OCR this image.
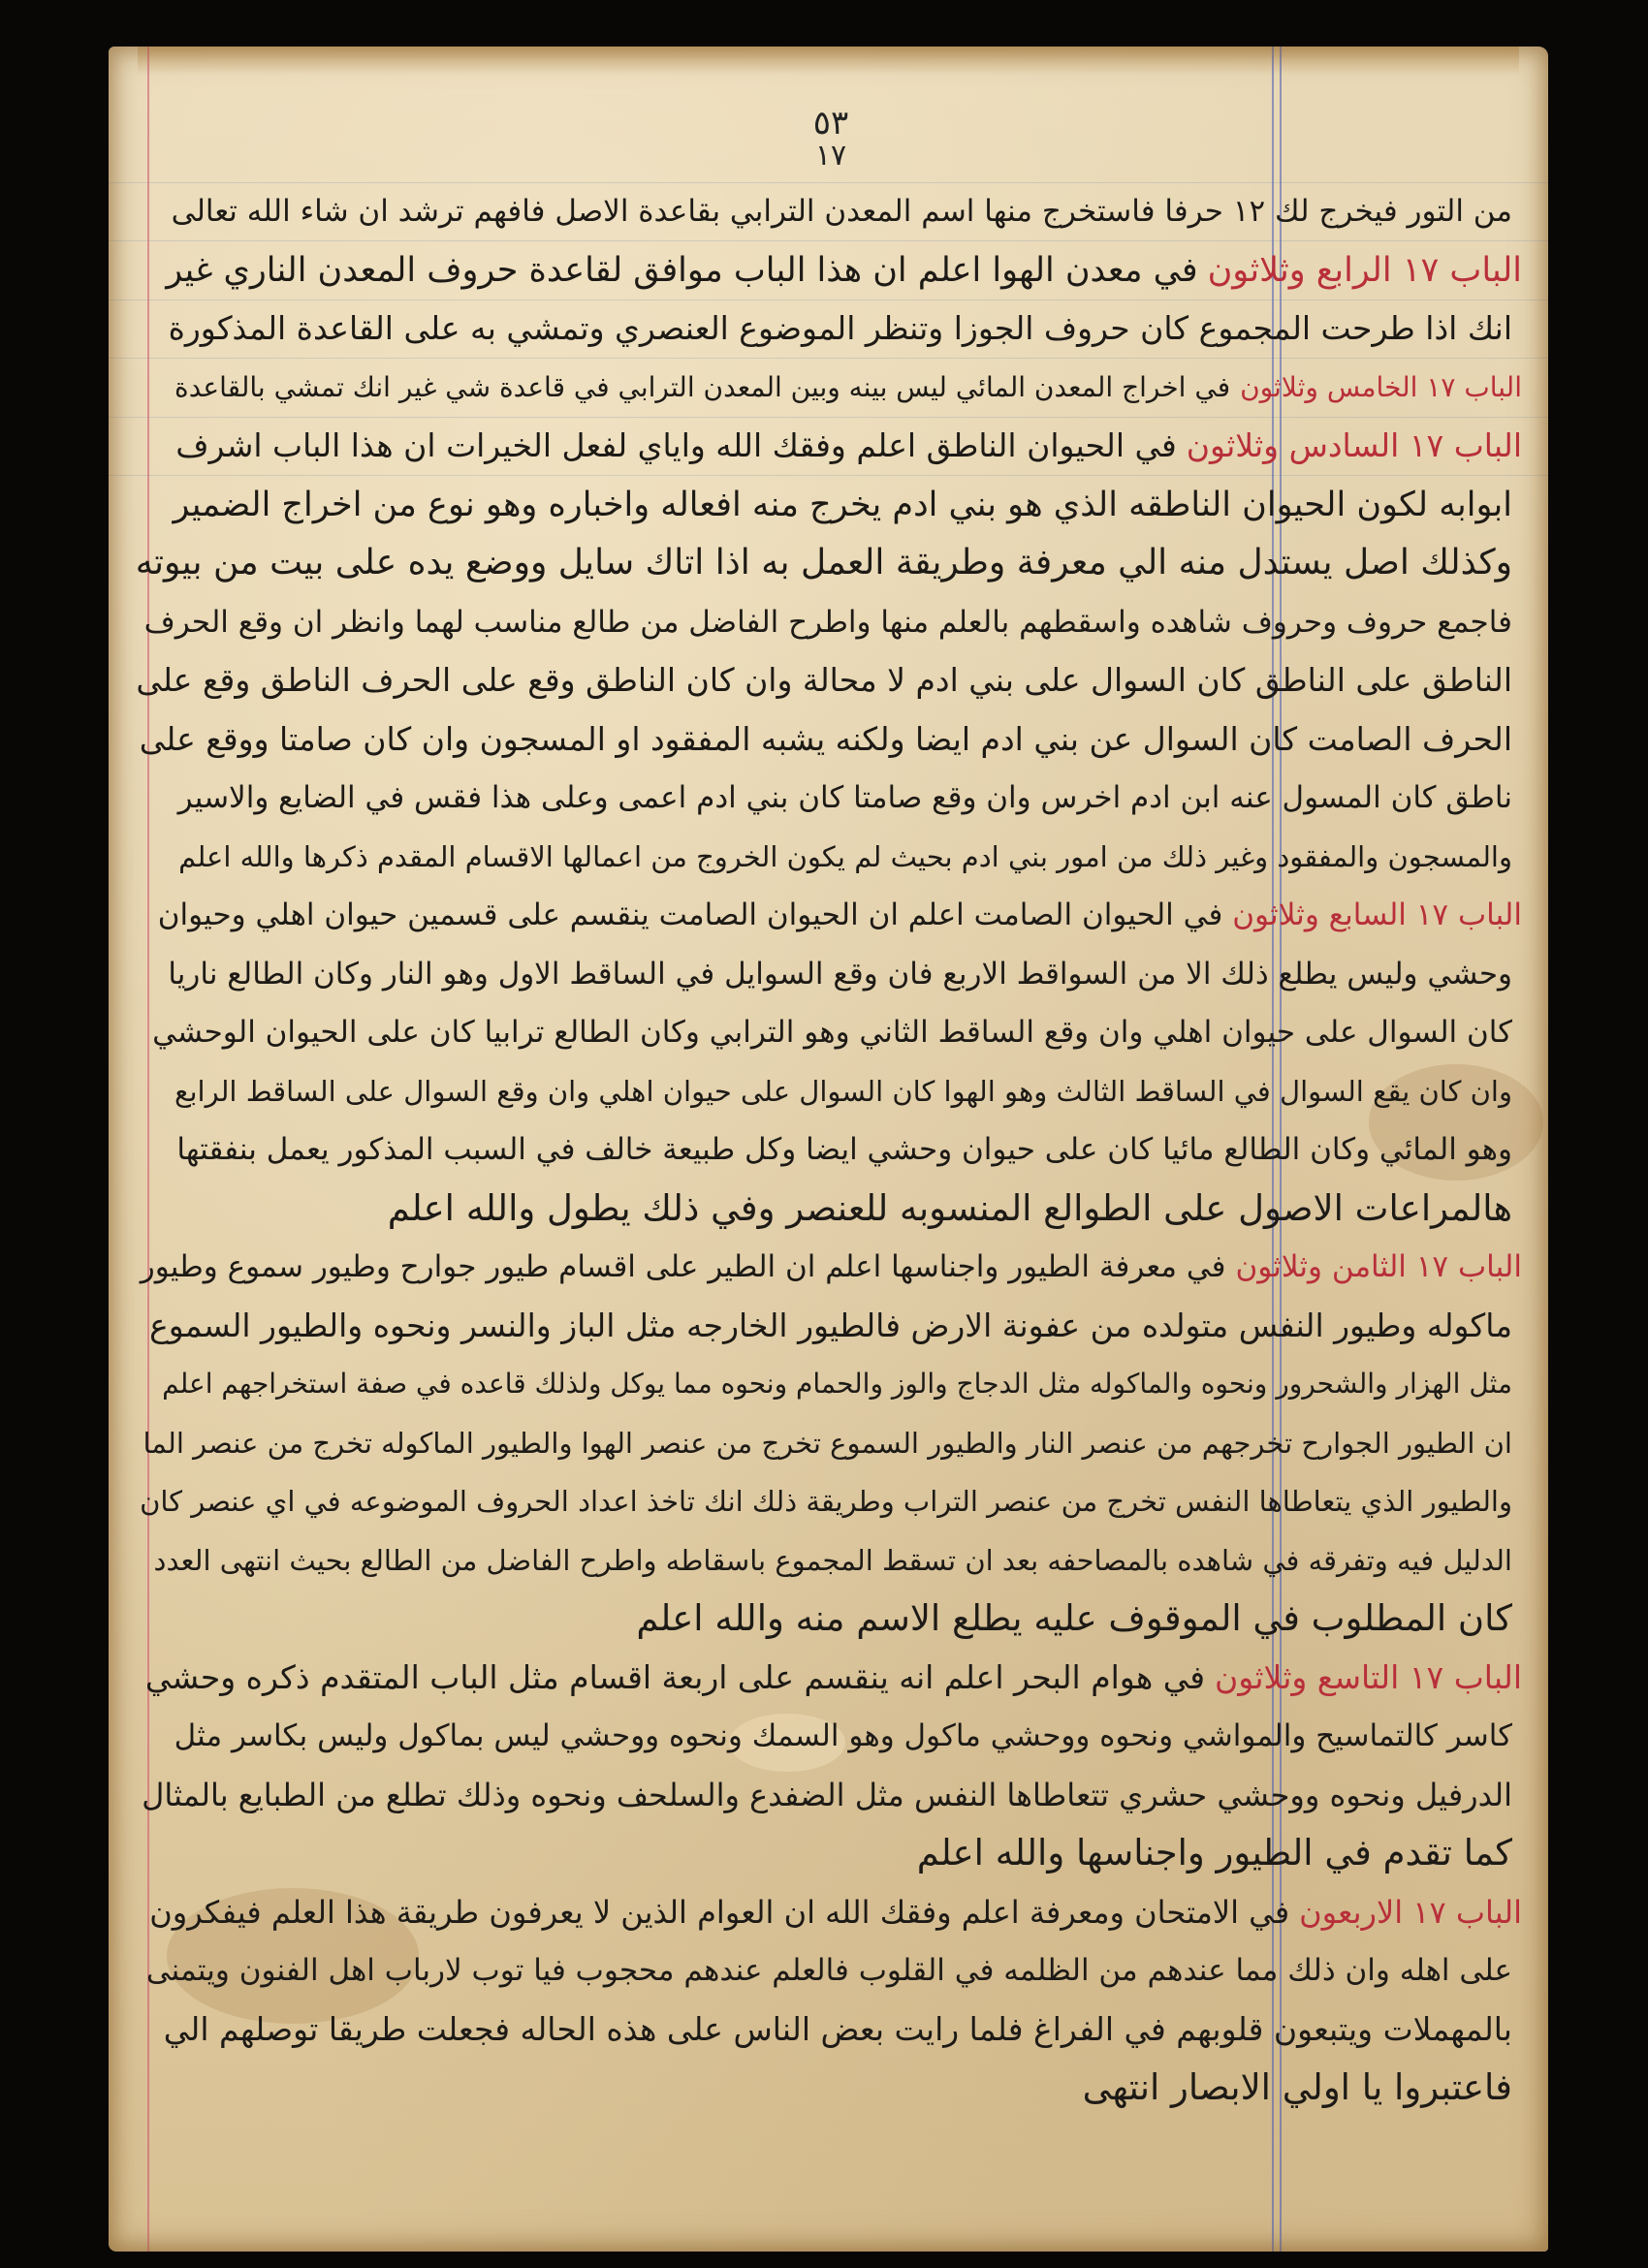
٥٣
١٧
من التور فيخرج لك ١٢ حرفا فاستخرج منها اسم المعدن الترابي بقاعدة الاصل فافهم ترشد ان شاء الله تعالى
الباب ١٧ الرابع وثلاثون
في معدن الهوا اعلم ان هذا الباب موافق لقاعدة حروف المعدن الناري غير
انك اذا طرحت المجموع كان حروف الجوزا وتنظر الموضوع العنصري وتمشي به على القاعدة المذكورة
الباب ١٧ الخامس وثلاثون
في اخراج المعدن المائي ليس بينه وبين المعدن الترابي في قاعدة شي غير انك تمشي بالقاعدة
الباب ١٧ السادس وثلاثون
في الحيوان الناطق اعلم وفقك الله واياي لفعل الخيرات ان هذا الباب اشرف
ابوابه لكون الحيوان الناطقه الذي هو بني ادم يخرج منه افعاله واخباره وهو نوع من اخراج الضمير
وكذلك اصل يستدل منه الي معرفة وطريقة العمل به اذا اتاك سايل ووضع يده على بيت من بيوته
فاجمع حروف وحروف شاهده واسقطهم بالعلم منها واطرح الفاضل من طالع مناسب لهما وانظر ان وقع الحرف
الناطق على الناطق كان السوال على بني ادم لا محالة وان كان الناطق وقع على الحرف الناطق وقع على
الحرف الصامت كان السوال عن بني ادم ايضا ولكنه يشبه المفقود او المسجون وان كان صامتا ووقع على
ناطق كان المسول عنه ابن ادم اخرس وان وقع صامتا كان بني ادم اعمى وعلى هذا فقس في الضايع والاسير
والمسجون والمفقود وغير ذلك من امور بني ادم بحيث لم يكون الخروج من اعمالها الاقسام المقدم ذكرها والله اعلم
الباب ١٧ السابع وثلاثون
في الحيوان الصامت اعلم ان الحيوان الصامت ينقسم على قسمين حيوان اهلي وحيوان
وحشي وليس يطلع ذلك الا من السواقط الاربع فان وقع السوايل في الساقط الاول وهو النار وكان الطالع ناريا
كان السوال على حيوان اهلي وان وقع الساقط الثاني وهو الترابي وكان الطالع ترابيا كان على الحيوان الوحشي
وان كان يقع السوال في الساقط الثالث وهو الهوا كان السوال على حيوان اهلي وان وقع السوال على الساقط الرابع
وهو المائي وكان الطالع مائيا كان على حيوان وحشي ايضا وكل طبيعة خالف في السبب المذكور يعمل بنفقتها
هالمراعات الاصول على الطوالع المنسوبه للعنصر وفي ذلك يطول والله اعلم
الباب ١٧ الثامن وثلاثون
في معرفة الطيور واجناسها اعلم ان الطير على اقسام طيور جوارح وطيور سموع وطيور
ماكوله وطيور النفس متولده من عفونة الارض فالطيور الخارجه مثل الباز والنسر ونحوه والطيور السموع
مثل الهزار والشحرور ونحوه والماكوله مثل الدجاج والوز والحمام ونحوه مما يوكل ولذلك قاعده في صفة استخراجهم اعلم
ان الطيور الجوارح تخرجهم من عنصر النار والطيور السموع تخرج من عنصر الهوا والطيور الماكوله تخرج من عنصر الما
والطيور الذي يتعاطاها النفس تخرج من عنصر التراب وطريقة ذلك انك تاخذ اعداد الحروف الموضوعه في اي عنصر كان
الدليل فيه وتفرقه في شاهده بالمصاحفه بعد ان تسقط المجموع باسقاطه واطرح الفاضل من الطالع بحيث انتهى العدد
كان المطلوب في الموقوف عليه يطلع الاسم منه والله اعلم
الباب ١٧ التاسع وثلاثون
في هوام البحر اعلم انه ينقسم على اربعة اقسام مثل الباب المتقدم ذكره وحشي
كاسر كالتماسيح والمواشي ونحوه ووحشي ماكول وهو السمك ونحوه ووحشي ليس بماكول وليس بكاسر مثل
الدرفيل ونحوه ووحشي حشري تتعاطاها النفس مثل الضفدع والسلحف ونحوه وذلك تطلع من الطبايع بالمثال
كما تقدم في الطيور واجناسها والله اعلم
الباب ١٧ الاربعون
في الامتحان ومعرفة اعلم وفقك الله ان العوام الذين لا يعرفون طريقة هذا العلم فيفكرون
على اهله وان ذلك مما عندهم من الظلمه في القلوب فالعلم عندهم محجوب فيا توب لارباب اهل الفنون ويتمنى
بالمهملات ويتبعون قلوبهم في الفراغ فلما رايت بعض الناس على هذه الحاله فجعلت طريقا توصلهم الي
فاعتبروا يا اولي الابصار انتهى
